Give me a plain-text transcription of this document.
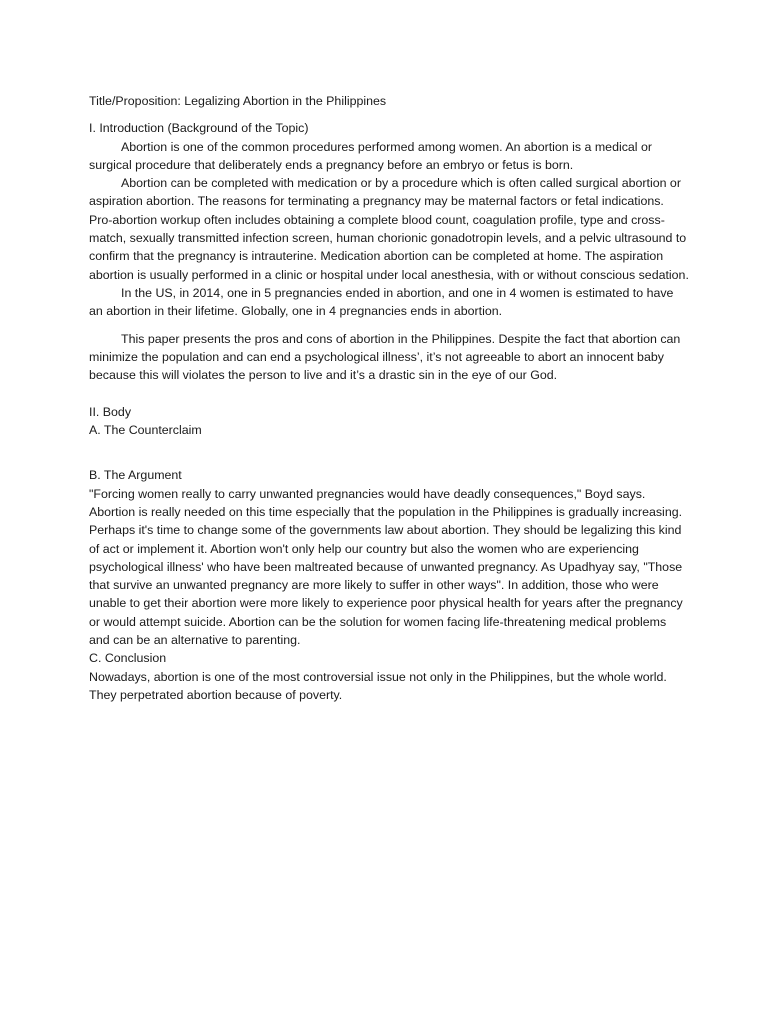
Title/Proposition: Legalizing Abortion in the Philippines

I. Introduction (Background of the Topic)

Abortion is one of the common procedures performed among women. An abortion is a medical or surgical procedure that deliberately ends a pregnancy before an embryo or fetus is born.

Abortion can be completed with medication or by a procedure which is often called surgical abortion or aspiration abortion. The reasons for terminating a pregnancy may be maternal factors or fetal indications. Pro-abortion workup often includes obtaining a complete blood count, coagulation profile, type and cross-match, sexually transmitted infection screen, human chorionic gonadotropin levels, and a pelvic ultrasound to confirm that the pregnancy is intrauterine. Medication abortion can be completed at home. The aspiration abortion is usually performed in a clinic or hospital under local anesthesia, with or without conscious sedation.

In the US, in 2014, one in 5 pregnancies ended in abortion, and one in 4 women is estimated to have an abortion in their lifetime. Globally, one in 4 pregnancies ends in abortion.

This paper presents the pros and cons of abortion in the Philippines. Despite the fact that abortion can minimize the population and can end a psychological illness’, it’s not agreeable to abort an innocent baby because this will violates the person to live and it’s a drastic sin in the eye of our God.

II. Body

A. The Counterclaim

B. The Argument

"Forcing women really to carry unwanted pregnancies would have deadly consequences," Boyd says. Abortion is really needed on this time especially that the population in the Philippines is gradually increasing. Perhaps it's time to change some of the governments law about abortion. They should be legalizing this kind of act or implement it. Abortion won't only help our country but also the women who are experiencing psychological illness' who have been maltreated because of unwanted pregnancy. As Upadhyay say, "Those that survive an unwanted pregnancy are more likely to suffer in other ways". In addition, those who were unable to get their abortion were more likely to experience poor physical health for years after the pregnancy or would attempt suicide. Abortion can be the solution for women facing life-threatening medical problems and can be an alternative to parenting.

C. Conclusion

Nowadays, abortion is one of the most controversial issue not only in the Philippines, but the whole world. They perpetrated abortion because of poverty.
